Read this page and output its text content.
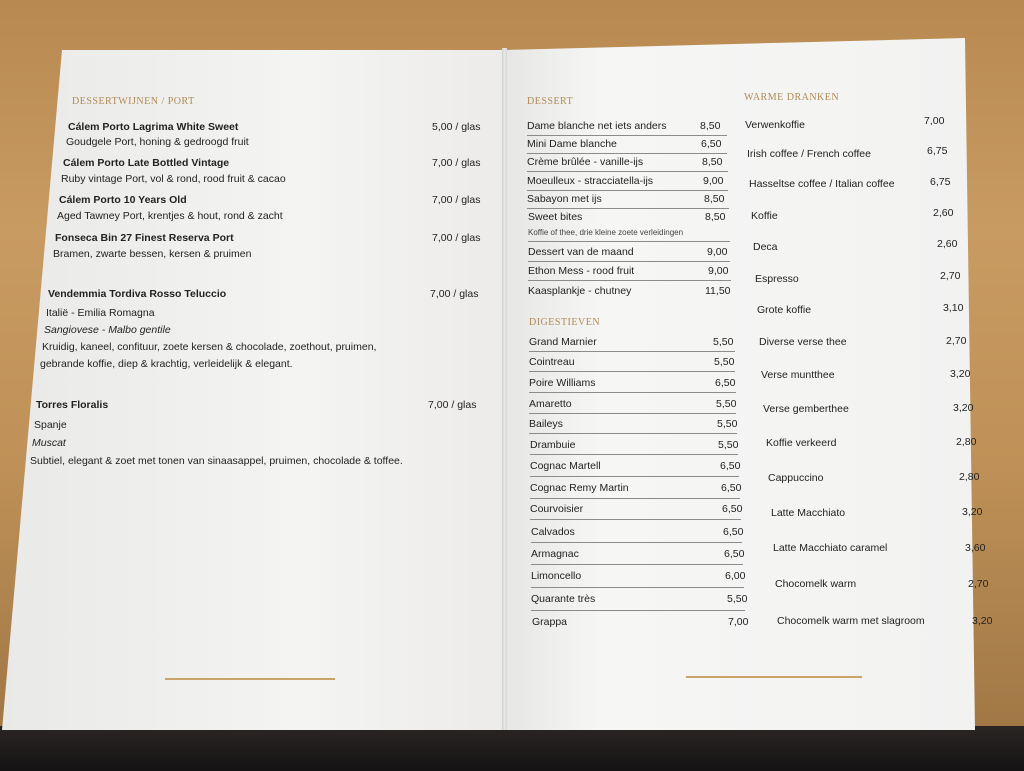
DESSERTWIJNEN / PORT
Cálem Porto Lagrima White Sweet	5,00 / glas
Goudgele Port, honing & gedroogd fruit
Cálem Porto Late Bottled Vintage	7,00 / glas
Ruby vintage Port, vol & rond, rood fruit & cacao
Cálem Porto 10 Years Old	7,00 / glas
Aged Tawney Port, krentjes & hout, rond & zacht
Fonseca Bin 27 Finest Reserva Port	7,00 / glas
Bramen, zwarte bessen, kersen & pruimen
Vendemmia Tordiva Rosso Teluccio	7,00 / glas
Italië - Emilia Romagna
Sangiovese - Malbo gentile
Kruidig, kaneel, confituur, zoete kersen & chocolade, zoethout, pruimen,
gebrande koffie, diep & krachtig, verleidelijk & elegant.
Torres Floralis	7,00 / glas
Spanje
Muscat
Subtiel, elegant & zoet met tonen van sinaasappel, pruimen, chocolade & toffee.
DESSERT
Dame blanche net iets anders	8,50
Mini Dame blanche	6,50
Crème brûlée - vanille-ijs	8,50
Moeulleux - stracciatella-ijs	9,00
Sabayon met ijs	8,50
Sweet bites	8,50
Koffie of thee, drie kleine zoete verleidingen
Dessert van de maand	9,00
Ethon Mess - rood fruit	9,00
Kaasplankje - chutney	11,50
DIGESTIEVEN
Grand Marnier	5,50
Cointreau	5,50
Poire Williams	6,50
Amaretto	5,50
Baileys	5,50
Drambuie	5,50
Cognac Martell	6,50
Cognac Remy Martin	6,50
Courvoisier	6,50
Calvados	6,50
Armagnac	6,50
Limoncello	6,00
Quarante très	5,50
Grappa	7,00
WARME DRANKEN
Verwenkoffie	7,00
Irish coffee / French coffee	6,75
Hasseltse coffee / Italian coffee	6,75
Koffie	2,60
Deca	2,60
Espresso	2,70
Grote koffie	3,10
Diverse verse thee	2,70
Verse muntthee	3,20
Verse gemberthee	3,20
Koffie verkeerd	2,80
Cappuccino	2,80
Latte Macchiato	3,20
Latte Macchiato caramel	3,60
Chocomelk warm	2,70
Chocomelk warm met slagroom	3,20
